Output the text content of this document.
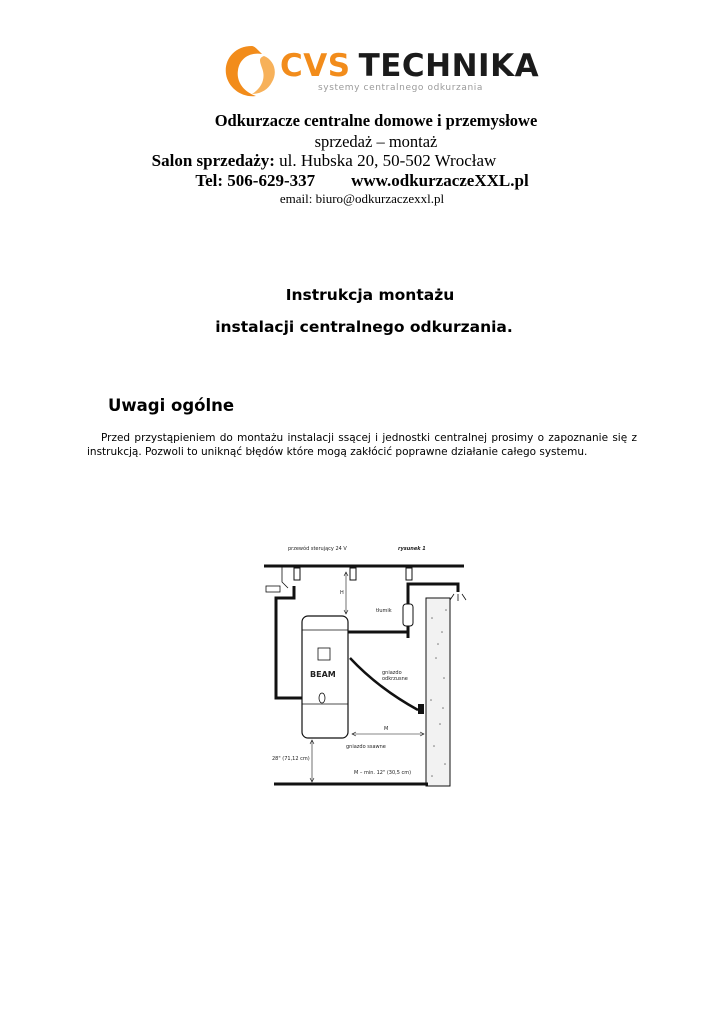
CVS TECHNIKA
systemy centralnego odkurzania
Odkurzacze centralne domowe i przemysłowe
sprzedaż – montaż
Salon sprzedaży: ul. Hubska 20, 50-502 Wrocław
Tel: 506-629-337 www.odkurzaczeXXL.pl
email: biuro@odkurzaczexxl.pl
Instrukcja montażu
instalacji centralnego odkurzania.
Uwagi ogólne
Przed przystąpieniem do montażu instalacji ssącej i jednostki centralnej prosimy o zapoznanie się z instrukcją. Pozwoli to uniknąć błędów które mogą zakłócić poprawne działanie całego systemu.
przewód sterujący 24 V	rysunek 1
H
tłumik
gniazdo
odkrzusne
BEAM
M
gniazdo ssawne
28" (71,12 cm)
M – min. 12" (30,5 cm)
